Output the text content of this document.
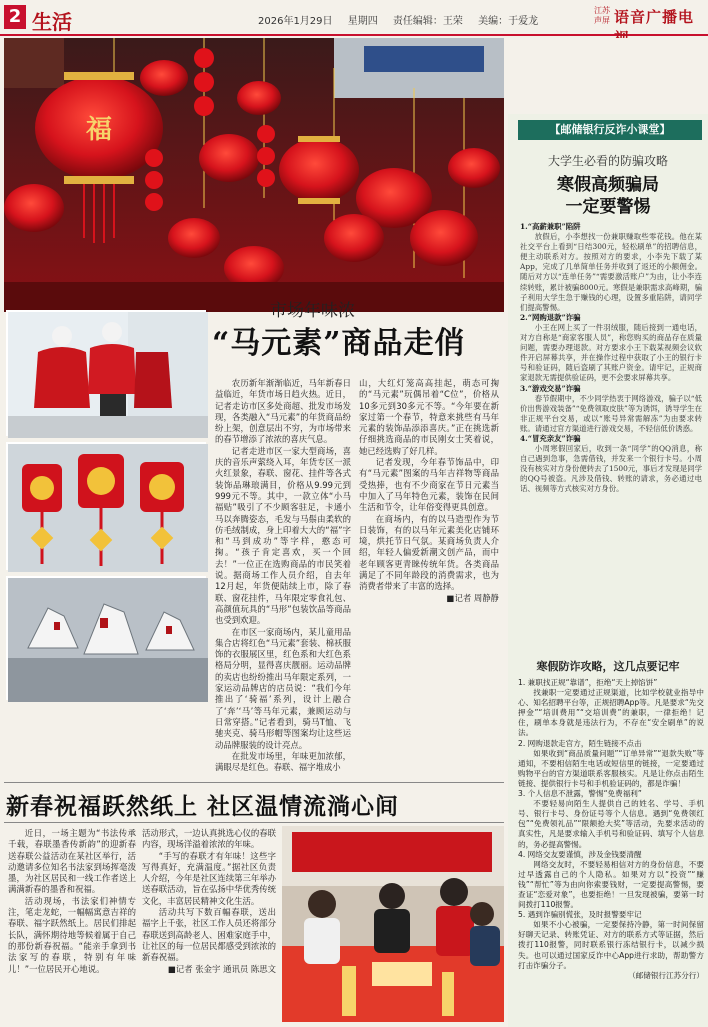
2 生活	2026年1月29日 星期四 责任编辑：王荣 美编：于爱龙
江苏
声屏 语音广播电
福
市场年味浓
“马元素”商品走俏

农历新年渐渐临近，马年新春日益临近，年货市场日趋火热。近日，记者走访市区多处商超、批发市场发现，各类融入“马元素”的年货商品纷纷上架，创意层出不穷，为市场带来的春节增添了浓浓的喜庆气息。

记者走进市区一家大型商场，喜庆的音乐声萦绕入耳，年货专区一派火红景象，春联、窗花、挂件等各式装饰品琳琅满目，价格从9.99元到999元不等。其中，一款立体“小马福贴”吸引了不少顾客驻足，卡通小马以奔腾姿态，毛发与马鬃由柔软的仿毛绒制成，身上印着大大的“福”字和“马到成功”等字样，憨态可掬。“孩子肯定喜欢，买一个回去！”一位正在选购商品的市民笑着说。据商场工作人员介绍，自去年12月起，年货便陆续上市，除了春联、窗花挂件，马年限定零食礼包、高颜值玩具的“马形”包装饮品等商品也受到欢迎。

在市区一家商场内，某儿童用品集合店将红色“马元素”套装、棉袄服饰的衣服展区里，红色系和大红色系格局分明，显得喜庆靓丽。运动品牌的卖店也纷纷推出马年限定系列，一家运动品牌店的店员说：“我们今年推出了‘骑福’系列，设计上融合了‘奔’‘马’等马年元素，兼顾运动与日常穿搭。”记者看到，骑马T恤、飞驰夹克、骑马形帽等图案均让这些运动品牌服装的设计亮点。

在批发市场里，年味更加浓郁，满眼尽是红色。春联、福字堆成小

山，大红灯笼高高挂起，萌态可掬的“马元素”玩偶吊着“C位”，价格从10多元到30多元不等。“今年要在新家过第一个春节，特意来挑些有马年元素的装饰品添添喜庆。”正在挑选新仔细挑选商品的市民刚女士笑着说，她已经选购了好几样。

记者发现，今年春节饰品中，印有“马元素”图案的马年吉祥物等商品受热捧，也有不少商家在节日元素当中加入了马年特色元素，装饰在民间生活和节令，让年俗变得更具创意。

在商场内，有的以马造型作为节日装饰，有的以马年元素美化店铺环境，烘托节日气氛。某商场负责人介绍，年轻人偏爱新潮文创产品，而中老年顾客更青睐传统年货。各类商品满足了不同年龄段的消费需求，也为消费者带来了丰富的选择。

■记者 周静静
新春祝福跃然纸上 社区温情流淌心间

近日，一场主题为“书法传承千载，春联墨香传新韵”的迎新春送春联公益活动在某社区举行，活动邀请多位知名书法家到场挥毫泼墨，为社区居民和一线工作者送上满满新春的墨香和祝福。

活动现场，书法家们神情专注，笔走龙蛇，一幅幅寓意吉祥的春联、福字跃然纸上。居民们排起长队，满怀期待地等候着属于自己的那份新春祝福。“能亲手拿到书法家写的春联，特别有年味儿！”一位居民开心地说。

活动形式，一边认真挑选心仪的春联内容，现场洋溢着浓浓的年味。

“手写的春联才有年味！这些字写得真好，充满温度。”据社区负责人介绍，今年是社区连续第三年举办送春联活动，旨在弘扬中华优秀传统文化，丰富居民精神文化生活。

活动共写下数百幅春联，送出福字上千张，社区工作人员还将部分春联送到高龄老人、困难家庭手中，让社区的每一位居民都感受到浓浓的新春祝福。

■记者 张金宇 通讯员 陈思文
【邮储银行反诈小课堂】
大学生必看的防骗攻略
寒假高频骗局
一定要警惕

1.“高薪兼职”陷阱

放假后，小李想找一份兼职赚取些零花钱。他在某社交平台上看到“日结300元，轻松刷单”的招聘信息，便主动联系对方。按照对方的要求，小李先下载了某App，完成了几单简单任务并收到了返还的小额佣金。随后对方以“连单任务”“需要激活账户”为由，让小李连续转账，累计被骗8000元。寒假是兼职需求高峰期，骗子利用大学生急于赚钱的心理，设置多重陷阱，请同学们提高警惕。

2.“网购退款”诈骗

小王在网上买了一件羽绒服，随后接到一通电话，对方自称是“商家客服人员”，称您购买的商品存在质量问题，需要办理退款。对方要求小王下载某视频会议软件开启屏幕共享，并在操作过程中获取了小王的银行卡号和验证码，随后盗刷了其账户资金。请牢记，正规商家退款无需提供验证码，更不会要求屏幕共享。

3.“游戏交易”诈骗

春节假期中，不少同学热衷于网络游戏，骗子以“低价出售游戏装备”“免费领取皮肤”等为诱饵，诱导学生在非正规平台交易，或以“账号异常需解冻”为由要求转账。请通过官方渠道进行游戏交易，不轻信低价诱惑。

4.“冒充亲友”诈骗

小周寒假回家后，收到一条“同学”的QQ消息，称自己遇到急事，急需借钱，并发来一个银行卡号。小周没有核实对方身份便转去了1500元，事后才发现是同学的QQ号被盗。凡涉及借钱、转账的请求，务必通过电话、视频等方式核实对方身份。

寒假防诈攻略，这几点要记牢

1. 兼职找正规“靠谱”，拒绝“天上掉馅饼”

找兼职一定要通过正规渠道，比如学校就业指导中心、知名招聘平台等，正规招聘App等。凡是要求“先交押金”“培训费用”“交培训费”的兼职，一律拒绝！记住，刷单本身就是违法行为，不存在“安全刷单”的说法。

2. 网购退款走官方，陌生链接不点击

如果收到“商品质量问题”“订单异常”“退款失败”等通知，不要相信陌生电话或短信里的链接，一定要通过购物平台的官方渠道联系客服核实。凡是让你点击陌生链接、提供银行卡号和手机验证码的，都是诈骗！

3. 个人信息不泄露，警惕“免费福利”

不要轻易向陌生人提供自己的姓名、学号、手机号、银行卡号、身份证号等个人信息。遇到“免费领红包”“免费领礼品”“限额抢大奖”等活动，先要求活动的真实性，凡是要求输入手机号和验证码、填写个人信息的，务必提高警惕。

4. 网络交友要谨慎，涉及金钱要清醒

网络交友时，不要轻易相信对方的身份信息，不要过早透露自己的个人隐私。如果对方以“投资”“赚钱”“帮忙”等为由向你索要钱财，一定要提高警惕，要查证“恋爱对象”，也要拒绝！一旦发现被骗，要第一时间拨打110报警。

5. 遇到诈骗别慌张，及时报警要牢记

如果不小心被骗，一定要保持冷静，第一时间保留好聊天记录、转账凭证、对方的联系方式等证据，然后拨打110报警，同时联系银行冻结银行卡，以减少损失。也可以通过国家反诈中心App进行求助，帮助警方打击诈骗分子。

（邮储银行江苏分行）
